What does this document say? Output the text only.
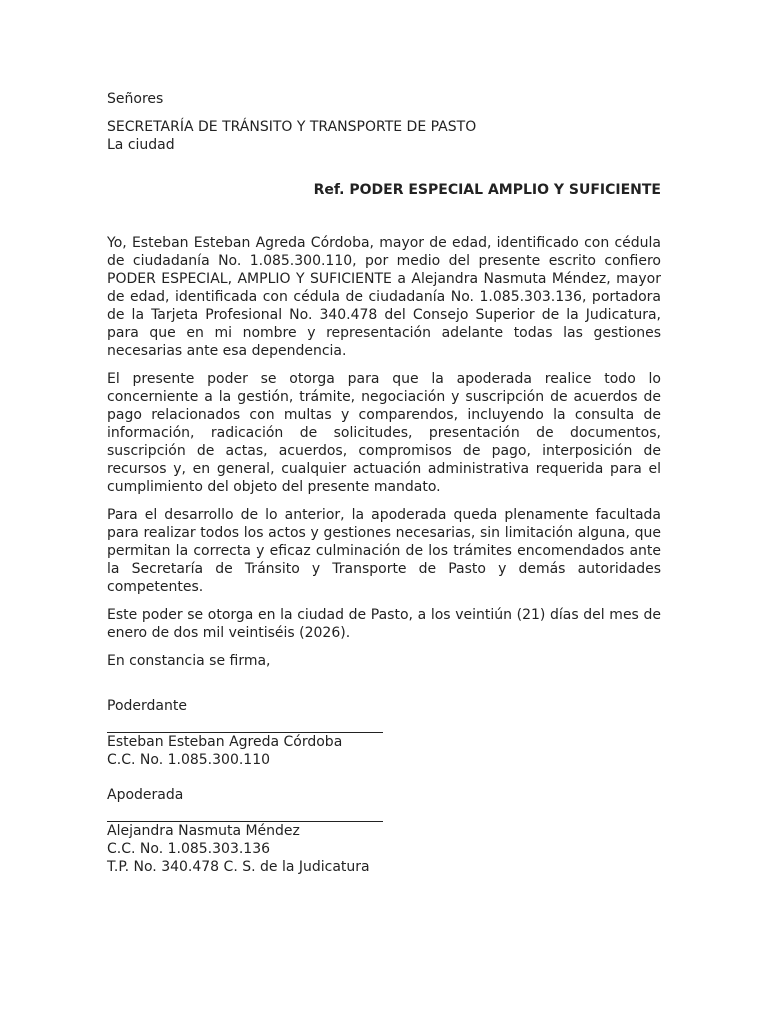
Señores
SECRETARÍA DE TRÁNSITO Y TRANSPORTE DE PASTO
La ciudad
Ref. PODER ESPECIAL AMPLIO Y SUFICIENTE

Yo, Esteban Esteban Agreda Córdoba, mayor de edad, identificado con cédula de ciudadanía No. 1.085.300.110, por medio del presente escrito confiero PODER ESPECIAL, AMPLIO Y SUFICIENTE a Alejandra Nasmuta Méndez, mayor de edad, identificada con cédula de ciudadanía No. 1.085.303.136, portadora de la Tarjeta Profesional No. 340.478 del Consejo Superior de la Judicatura, para que en mi nombre y representación adelante todas las gestiones necesarias ante esa dependencia.

El presente poder se otorga para que la apoderada realice todo lo concerniente a la gestión, trámite, negociación y suscripción de acuerdos de pago relacionados con multas y comparendos, incluyendo la consulta de información, radicación de solicitudes, presentación de documentos, suscripción de actas, acuerdos, compromisos de pago, interposición de recursos y, en general, cualquier actuación administrativa requerida para el cumplimiento del objeto del presente mandato.

Para el desarrollo de lo anterior, la apoderada queda plenamente facultada para realizar todos los actos y gestiones necesarias, sin limitación alguna, que permitan la correcta y eficaz culminación de los trámites encomendados ante la Secretaría de Tránsito y Transporte de Pasto y demás autoridades competentes.

Este poder se otorga en la ciudad de Pasto, a los veintiún (21) días del mes de enero de dos mil veintiséis (2026).

En constancia se firma,
Poderdante
Esteban Esteban Agreda Córdoba
C.C. No. 1.085.300.110
Apoderada
Alejandra Nasmuta Méndez
C.C. No. 1.085.303.136
T.P. No. 340.478 C. S. de la Judicatura
